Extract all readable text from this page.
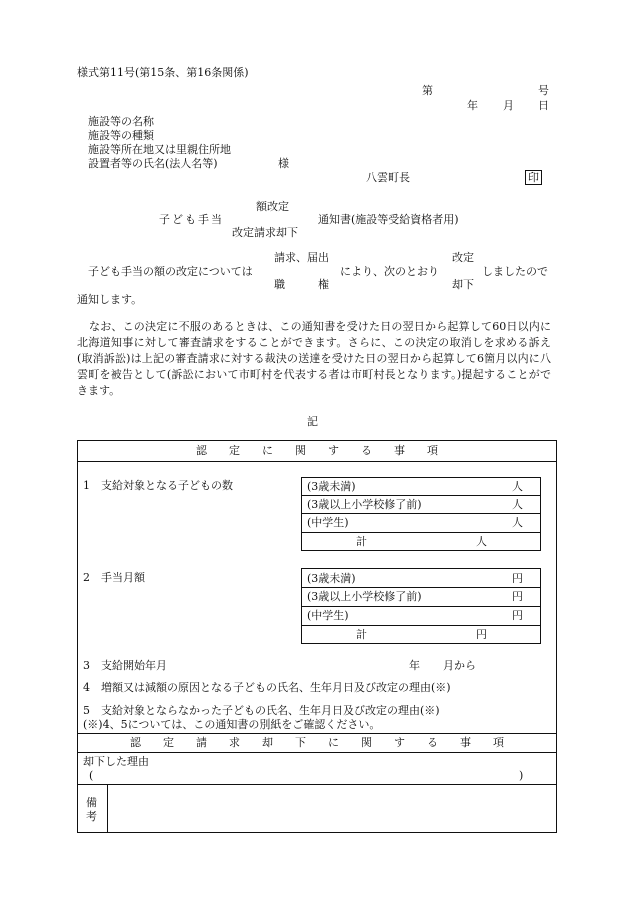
様式第11号(第15条、第16条関係)
第	号
年 月 日
施設等の名称
施設等の種類
施設等所在地又は里親住所地
設置者等の氏名(法人名等)	様
八雲町長	印
額改定
子ども手当	通知書(施設等受給資格者用)
改定請求却下
請求、届出	改定
子ども手当の額の改定については	により、次のとおり	しましたので
職　　　権	却下
通知します。
なお、この決定に不服のあるときは、この通知書を受けた日の翌日から起算して60日以内に北海道知事に対して審査請求をすることができます。さらに、この決定の取消しを求める訴え(取消訴訟)は上記の審査請求に対する裁決の送達を受けた日の翌日から起算して6箇月以内に八雲町を被告として(訴訟において市町村を代表する者は市町村長となります。)提起することができます。
記
認　　定　　に　　関　　す　　る　　事　　項
1　支給対象となる子どもの数	(3歳未満)	人
(3歳以上小学校修了前)	人
(中学生)	人
計	人
2　手当月額	(3歳未満)	円
(3歳以上小学校修了前)	円
(中学生)	円
計	円
3　支給開始年月	年 月から
4　増額又は減額の原因となる子どもの氏名、生年月日及び改定の理由(※)
5　支給対象とならなかった子どもの氏名、生年月日及び改定の理由(※)
(※)4、5については、この通知書の別紙をご確認ください。
認　　定　　請　　求　　却　　下　　に　　関　　す　　る　　事　　項
却下した理由
(	)
備
考
